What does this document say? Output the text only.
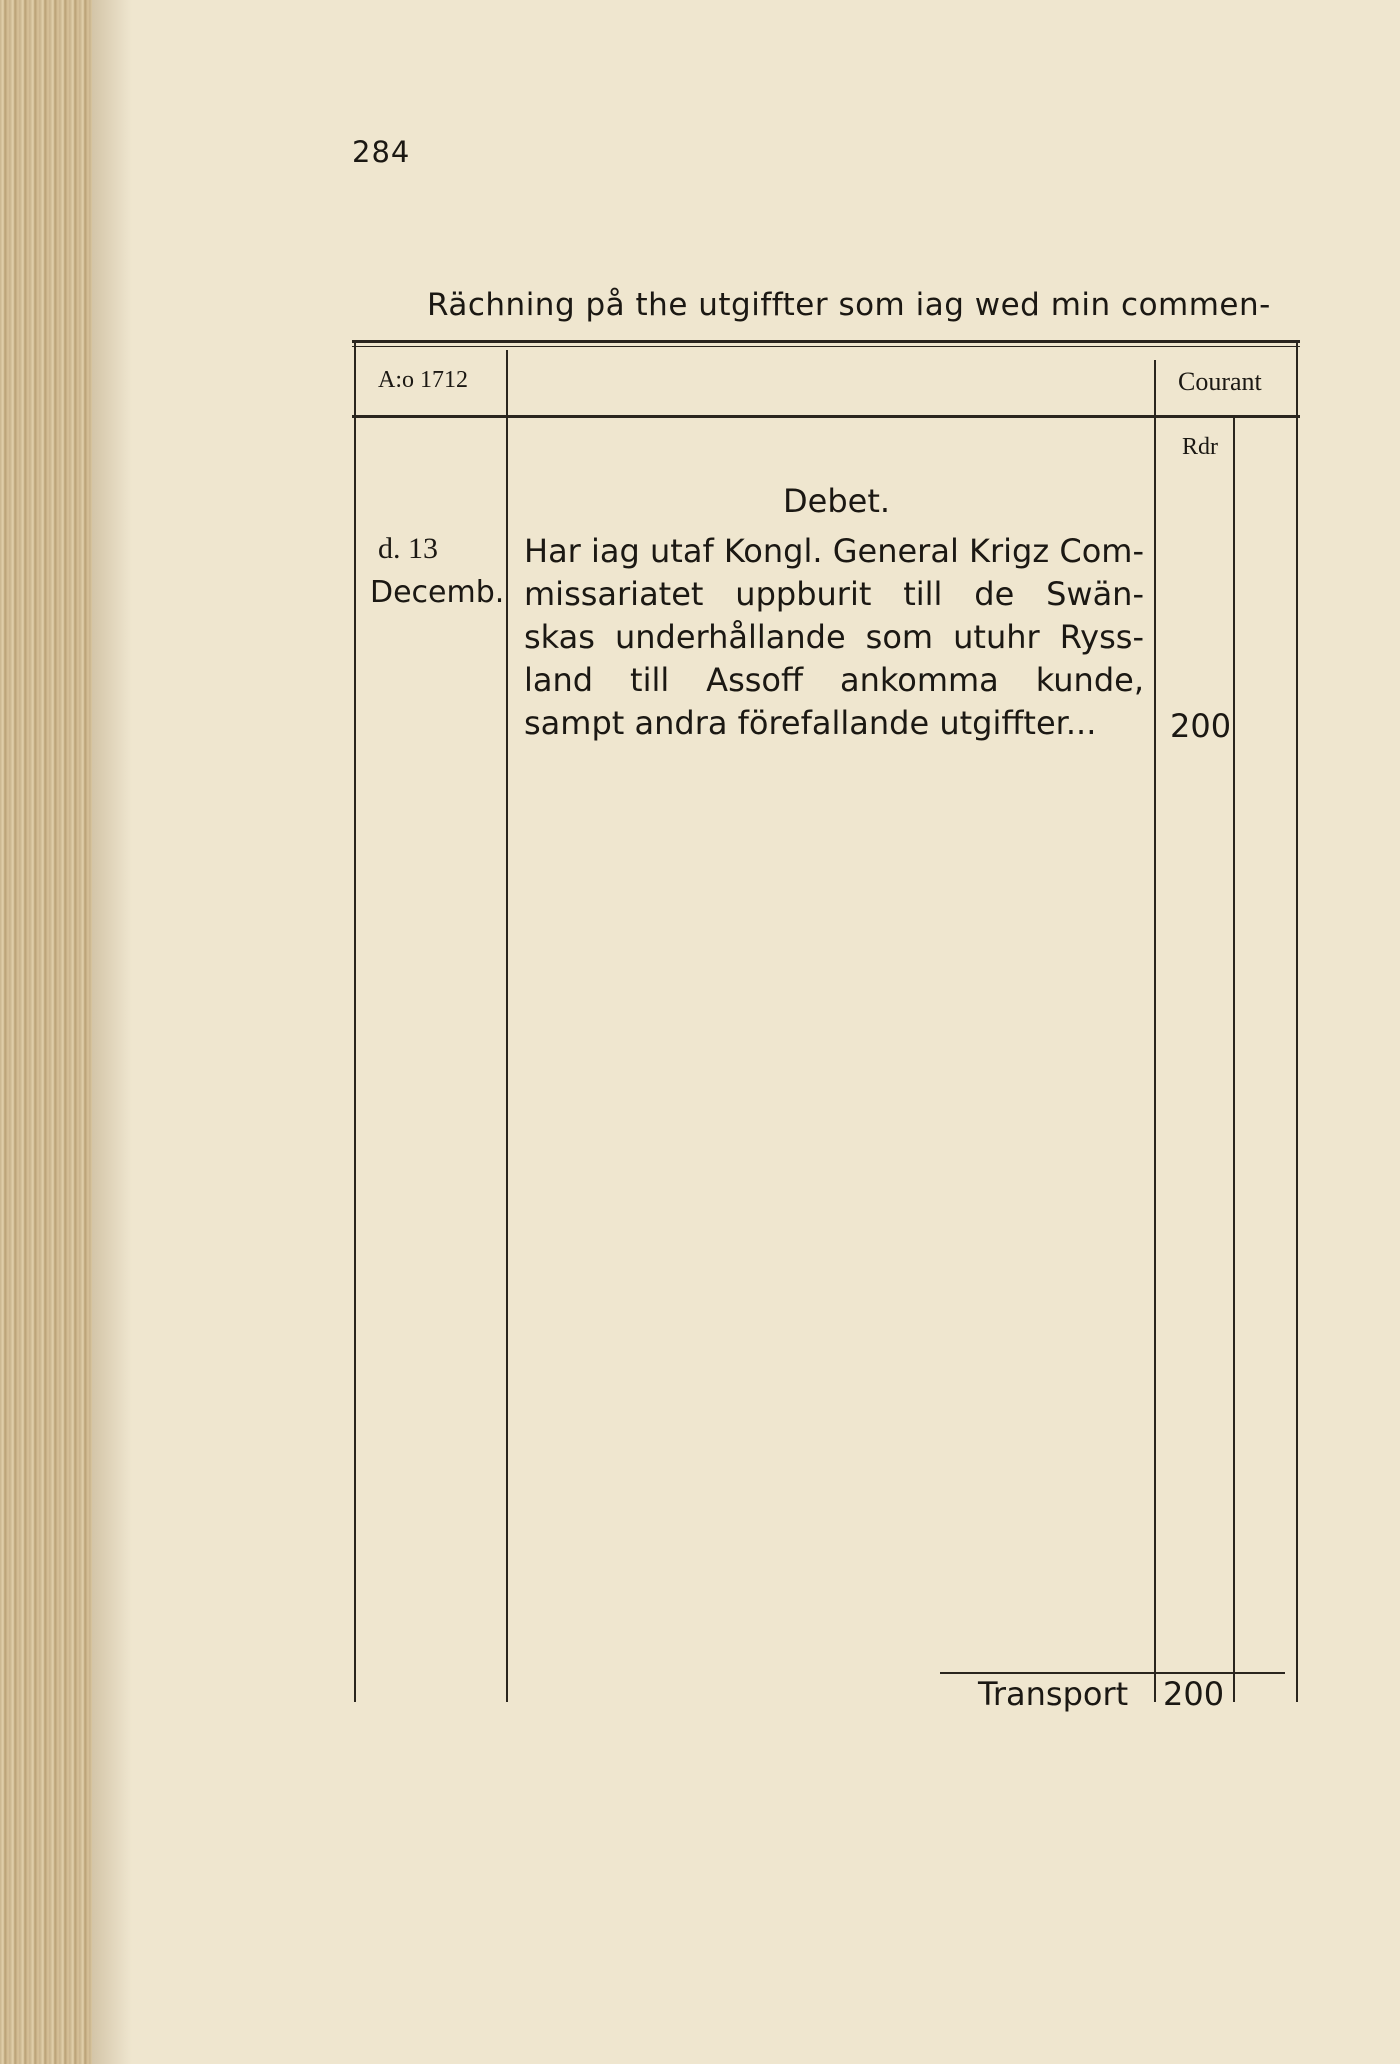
284
Rächning på the utgiffter som iag wed min commen-
A:o 1712	Courant
Rdr
Debet.
d. 13
Decemb.
Har iag utaf Kongl. General Krigz Com-
missariatet uppburit till de Swän-
skas underhållande som utuhr Ryss-
land till Assoff ankomma kunde,
sampt andra förefallande utgiffter...	200
Transport 200
